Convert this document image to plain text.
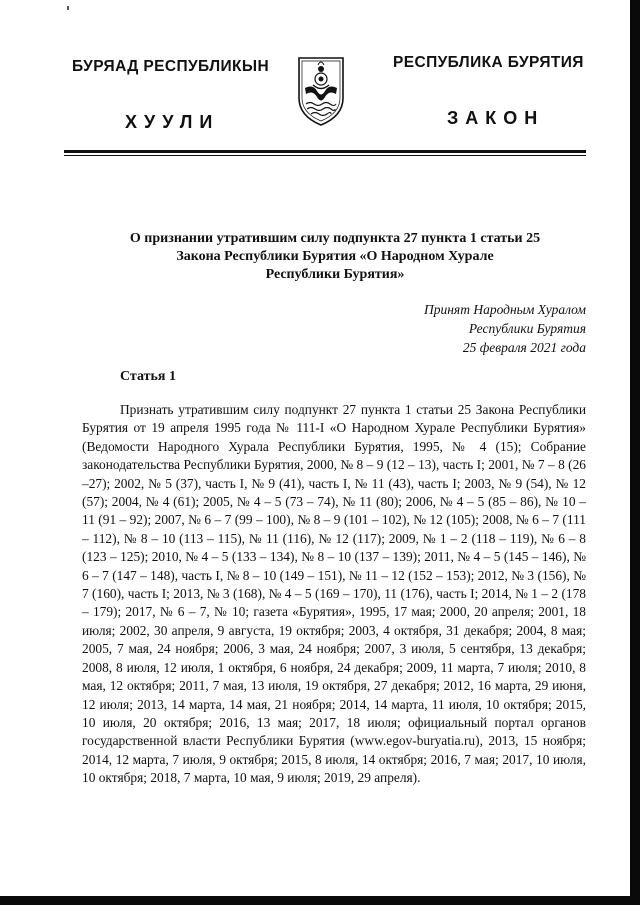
БУРЯАД РЕСПУБЛИКЫН
ХУУЛИ
РЕСПУБЛИКА БУРЯТИЯ
ЗАКОН
О признании утратившим силу подпункта 27 пункта 1 статьи 25
Закона Республики Бурятия «О Народном Хурале
Республики Бурятия»
Принят Народным Хуралом
Республики Бурятия
25 февраля 2021 года
Статья 1
Признать утратившим силу подпункт 27 пункта 1 статьи 25 Закона Республики Бурятия от 19 апреля 1995 года № 111-I «О Народном Хурале Республики Бурятия» (Ведомости Народного Хурала Республики Бурятия, 1995, № 4 (15); Собрание законодательства Республики Бурятия, 2000, № 8 – 9 (12 – 13), часть I; 2001, № 7 – 8 (26 –27); 2002, № 5 (37), часть I, № 9 (41), часть I, № 11 (43), часть I; 2003, № 9 (54), № 12 (57); 2004, № 4 (61); 2005, № 4 – 5 (73 – 74), № 11 (80); 2006, № 4 – 5 (85 – 86), № 10 – 11 (91 – 92); 2007, № 6 – 7 (99 – 100), № 8 – 9 (101 – 102), № 12 (105); 2008, № 6 – 7 (111 – 112), № 8 – 10 (113 – 115), № 11 (116), № 12 (117); 2009, № 1 – 2 (118 – 119), № 6 – 8 (123 – 125); 2010, № 4 – 5 (133 – 134), № 8 – 10 (137 – 139); 2011, № 4 – 5 (145 – 146), № 6 – 7 (147 – 148), часть I, № 8 – 10 (149 – 151), № 11 – 12 (152 – 153); 2012, № 3 (156), № 7 (160), часть I; 2013, № 3 (168), № 4 – 5 (169 – 170), 11 (176), часть I; 2014, № 1 – 2 (178 – 179); 2017, № 6 – 7, № 10; газета «Бурятия», 1995, 17 мая; 2000, 20 апреля; 2001, 18 июля; 2002, 30 апреля, 9 августа, 19 октября; 2003, 4 октября, 31 декабря; 2004, 8 мая; 2005, 7 мая, 24 ноября; 2006, 3 мая, 24 ноября; 2007, 3 июля, 5 сентября, 13 декабря; 2008, 8 июля, 12 июля, 1 октября, 6 ноября, 24 декабря; 2009, 11 марта, 7 июля; 2010, 8 мая, 12 октября; 2011, 7 мая, 13 июля, 19 октября, 27 декабря; 2012, 16 марта, 29 июня, 12 июля; 2013, 14 марта, 14 мая, 21 ноября; 2014, 14 марта, 11 июля, 10 октября; 2015, 10 июля, 20 октября; 2016, 13 мая; 2017, 18 июля; официальный портал органов государственной власти Республики Бурятия (www.egov-buryatia.ru), 2013, 15 ноября; 2014, 12 марта, 7 июля, 9 октября; 2015, 8 июля, 14 октября; 2016, 7 мая; 2017, 10 июля, 10 октября; 2018, 7 марта, 10 мая, 9 июля; 2019, 29 апреля).
